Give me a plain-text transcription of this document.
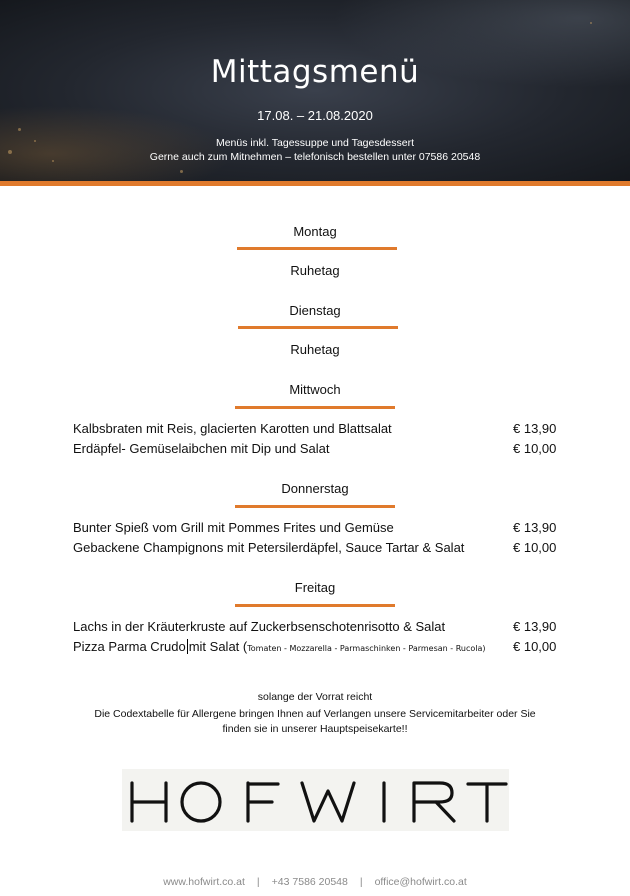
Mittagsmenü
17.08. – 21.08.2020
Menüs inkl. Tagessuppe und Tagesdessert
Gerne auch zum Mitnehmen – telefonisch bestellen unter 07586 20548
Montag
Ruhetag
Dienstag
Ruhetag
Mittwoch
Kalbsbraten mit Reis, glacierten Karotten und Blattsalat	€ 13,90
Erdäpfel- Gemüselaibchen mit Dip und Salat	€ 10,00
Donnerstag
Bunter Spieß vom Grill mit Pommes Frites und Gemüse	€ 13,90
Gebackene Champignons mit Petersilerdäpfel, Sauce Tartar & Salat	€ 10,00
Freitag
Lachs in der Kräuterkruste auf Zuckerbsenschotenrisotto & Salat	€ 13,90
Pizza Parma Crudo mit Salat (Tomaten - Mozzarella - Parmaschinken - Parmesan - Rucola) € 10,00
solange der Vorrat reicht
Die Codextabelle für Allergene bringen Ihnen auf Verlangen unsere Servicemitarbeiter oder Sie
finden sie in unserer Hauptspeisekarte!!
www.hofwirt.co.at | +43 7586 20548 | office@hofwirt.co.at
